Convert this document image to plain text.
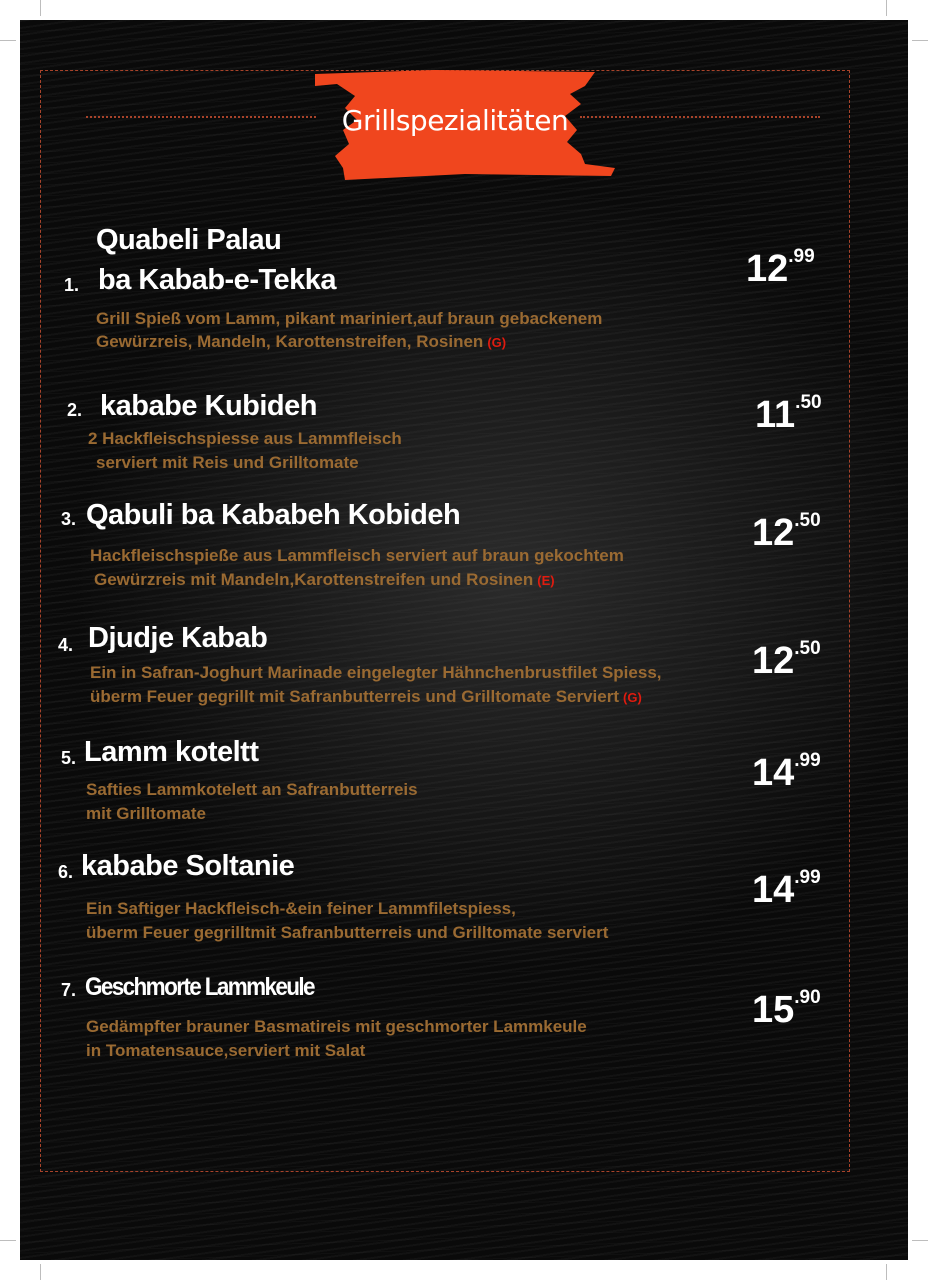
Grillspezialitäten
Quabeli Palau
1. ba Kabab-e-Tekka
Grill Spieß vom Lamm, pikant mariniert,auf braun gebackenem
Gewürzreis, Mandeln, Karottenstreifen, Rosinen (G)
12.99
2. kababe Kubideh
2 Hackfleischspiesse aus Lammfleisch
serviert mit Reis und Grilltomate
11.50
3. Qabuli ba Kababeh Kobideh
Hackfleischspieße aus Lammfleisch serviert auf braun gekochtem
Gewürzreis mit Mandeln,Karottenstreifen und Rosinen (E)
12.50
4. Djudje Kabab
Ein in Safran-Joghurt Marinade eingelegter Hähnchenbrustfilet Spiess,
überm Feuer gegrillt mit Safranbutterreis und Grilltomate Serviert (G)
12.50
5. Lamm koteltt
Safties Lammkotelett an Safranbutterreis
mit Grilltomate
14.99
6. kababe Soltanie
Ein Saftiger Hackfleisch-&ein feiner Lammfiletspiess,
überm Feuer gegrilltmit Safranbutterreis und Grilltomate serviert
14.99
7. Geschmorte Lammkeule
Gedämpfter brauner Basmatireis mit geschmorter Lammkeule
in Tomatensauce,serviert mit Salat
15.90
